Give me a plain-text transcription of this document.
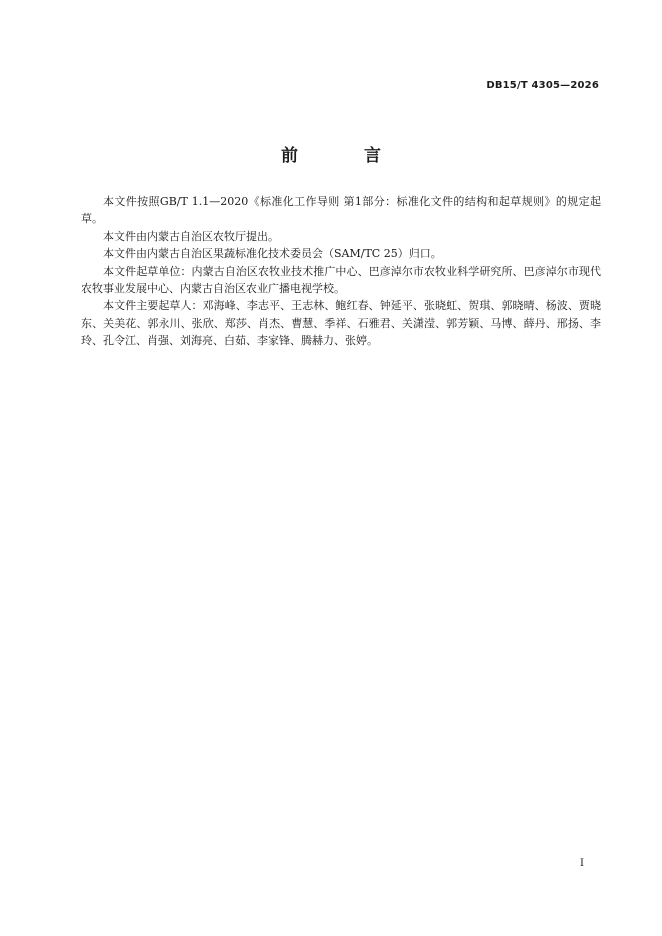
DB15/T 4305—2026
前 言

本文件按照GB/T 1.1—2020《标准化工作导则 第1部分：标准化文件的结构和起草规则》的规定起草。

本文件由内蒙古自治区农牧厅提出。

本文件由内蒙古自治区果蔬标准化技术委员会（SAM/TC 25）归口。

本文件起草单位：内蒙古自治区农牧业技术推广中心、巴彦淖尔市农牧业科学研究所、巴彦淖尔市现代农牧事业发展中心、内蒙古自治区农业广播电视学校。

本文件主要起草人：邓海峰、李志平、王志林、鲍红春、钟延平、张晓虹、贺琪、郭晓晴、杨波、贾晓东、关美花、郭永川、张欣、郑莎、肖杰、曹慧、季祥、石雅君、关潇滢、郭芳颖、马博、薛丹、邢扬、李玲、孔令江、肖强、刘海亮、白茹、李家锋、腾赫力、张婷。

I
